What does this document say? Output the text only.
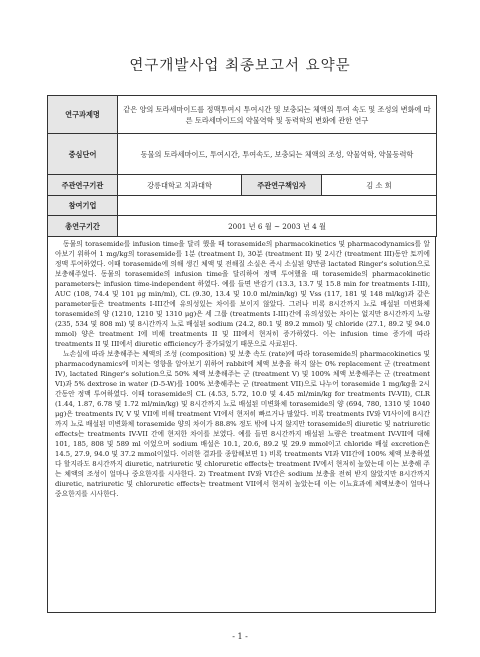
연구개발사업 최종보고서 요약문
연구과제명	같은 양의 토라세마이드를 정맥투여시 투여시간 및 보충되는 체액의 투여 속도 및 조성의 변화에 따른 토라세마이드의 약물역학 및 동력학의 변화에 관한 연구		
중심단어	동물의 토라세마이드, 투여시간, 투여속도, 보충되는 체액의 조성, 약물역학, 약물동력학		
주관연구기관	강릉대학교 치과대학	주관연구책임자	김 소 희
참여기업			
총연구기간	2001 년 6 월 ~ 2003 년 4 월		

동물의 torasemide를 infusion time을 달리 했을 때 torasemide의 pharmacokinetics 및 pharmacodynamics를 알아보기 위하여 1 mg/kg의 torasemide를 1분 (treatment I), 30분 (treatment II) 및 2시간 (treatment III)동안 토끼에 정맥 투여하였다. 이때 torasemide에 의해 생긴 체액 및 전해질 소실은 즉시 소실된 양만큼 lactated Ringer's solution으로 보충해주었다. 동물의 torasemide의 infusion time을 달리하여 정맥 투여했을 때 torasemide의 pharmacokinetic parameters는 infusion time-independent 하였다. 예를 들면 반감기 (13.3, 13.7 및 15.8 min for treatments I-III), AUC (108, 74.4 및 101 μg min/ml), CL (9.30, 13.4 및 10.0 ml/min/kg) 및 Vss (117, 181 및 148 ml/kg)과 같은 parameter들은 treatments I-III간에 유의성있는 차이를 보이지 않았다. 그러나 비록 8시간까지 뇨로 배설된 미변화체 torasemide의 양 (1210, 1210 및 1310 μg)은 세 그룹 (treatments I-III)간에 유의성있는 차이는 없지만 8시간까지 뇨량 (235, 534 및 808 ml) 및 8시간까지 뇨로 배설된 sodium (24.2, 80.1 및 89.2 mmol) 및 chloride (27.1, 89.2 및 94.0 mmol) 양은 treatment I에 비해 treatments II 및 III에서 현저히 증가하였다. 이는 infusion time 증가에 따라 treatments II 및 III에서 diuretic efficiency가 증가되었기 때문으로 사료된다.

뇨손실에 따라 보충해주는 체액의 조성 (composition) 및 보충 속도 (rate)에 따라 torasemide의 pharmacokinetics 및 pharmacodynamics에 미치는 영향을 알아보기 위하여 rabbit에 체액 보충을 하지 않는 0% replacement 군 (treatment IV), lactated Ringer's solution으로 50% 체액 보충해주는 군 (treatment V) 및 100% 체액 보충해주는 군 (treatment VI)과 5% dextrose in water (D-5-W)를 100% 보충해주는 군 (treatment VII)으로 나누어 torasemide 1 mg/kg을 2시간동안 정맥 투여하였다. 이때 torasemide의 CL (4.53, 5.72, 10.0 및 4.45 ml/min/kg for treatments IV-VII), CLR (1.44, 1.87, 6.78 및 1.72 ml/min/kg) 및 8시간까지 뇨로 배설된 미변화체 torasemide의 양 (694, 780, 1310 및 1040 μg)은 treatments IV, V 및 VII에 비해 treatment VI에서 현저히 빠르거나 많았다. 비록 treatments IV와 VI사이에 8시간까지 뇨로 배설된 미변화체 torasemide 양의 차이가 88.8% 정도 밖에 나지 않지만 torasemide의 diuretic 및 natriuretic effects는 treatments IV-VII 간에 현저한 차이를 보였다. 예를 들면 8시간까지 배설된 뇨량은 treatment IV-VII에 대해 101, 185, 808 및 589 ml 이었으며 sodium 배설은 10.1, 20.6, 89.2 및 29.9 mmol이고 chloride 배설 excretion은 14.5, 27.9, 94.0 및 37.2 mmol이었다. 이러한 결과를 종합해보면 1) 비록 treatments VI과 VII간에 100% 체액 보충하였다 할지라도 8시간까지 diuretic, natriuretic 및 chloruretic effects는 treatment IV에서 현저히 높았는데 이는 보충해 주는 체액의 조성이 얼마나 중요한지를 시사한다. 2) Treatment IV와 VI간은 sodium 보충을 전혀 받지 않았지만 8시간까지 diuretic, natriuretic 및 chloruretic effects는 treatment VII에서 현저히 높았는데 이는 이뇨효과에 체액보충이 얼마나 중요한지를 시사한다.

- 1 -
